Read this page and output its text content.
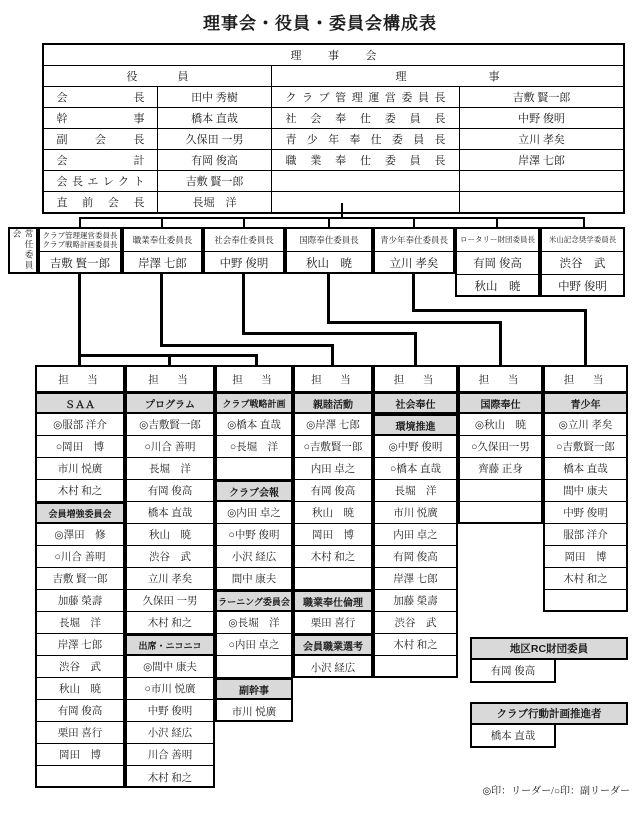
理事会・役員・委員会構成表
理事会			
役員		理事	
会長	田中 秀樹	クラブ管理運営委員長	吉敷 賢一郎
幹事	橋本 直哉	社会奉仕委員長	中野 俊明
副会長	久保田 一男	青少年奉仕委員長	立川 孝矣
会計	有岡 俊高	職業奉仕委員長	岸澤 七郎
会長エレクト	吉敷 賢一郎		
直前会長	長堀　洋		
常任委員会	クラブ管理運営委員長
クラブ戦略計画委員長
吉敷 賢一郎
職業奉仕委員長
岸澤 七郎
社会奉仕委員長
中野 俊明
国際奉仕委員長
秋山　暁
青少年奉仕委員長
立川 孝矣
ロータリー財団委員長
有岡 俊高
秋山　暁
米山記念奨学委員長
渋谷　武
中野 俊明
担　当
ＳＡＡ
◎服部 洋介
○岡田　博
市川 悦廣
木村 和之
会員増強委員会
◎澤田　修
○川合 善明
吉敷 賢一郎
加藤 榮壽
長堀　洋
岸澤 七郎
渋谷　武
秋山　暁
有岡 俊高
栗田 喜行
岡田　博
担　当
プログラム
◎吉敷賢一郎
○川合 善明
長堀　洋
有岡 俊高
橋本 直哉
秋山　暁
渋谷　武
立川 孝矣
久保田 一男
木村 和之
出席・ニコニコ
◎間中 康夫
○市川 悦廣
中野 俊明
小沢 経広
川合 善明
木村 和之
担　当
クラブ戦略計画
◎橋本 直哉
○長堀　洋
クラブ会報
◎内田 卓之
○中野 俊明
小沢 経広
間中 康夫
ラーニング委員会
◎長堀　洋
○内田 卓之
副幹事
市川 悦廣
担　当
親睦活動
◎岸澤 七郎
○吉敷賢一郎
内田 卓之
有岡 俊高
秋山　暁
岡田　博
木村 和之
職業奉仕倫理
栗田 喜行
会員職業選考
小沢 経広
担　当
社会奉仕
環境推進
◎中野 俊明
○橋本 直哉
長堀　洋
市川 悦廣
内田 卓之
有岡 俊高
岸澤 七郎
加藤 榮壽
渋谷　武
木村 和之
担　当
国際奉仕
◎秋山　暁
○久保田一男
齊藤 正身
担　当
青少年
◎立川 孝矣
○吉敷賢一郎
橋本 直哉
間中 康夫
中野 俊明
服部 洋介
岡田　博
木村 和之
地区RC財団委員
有岡 俊高
クラブ行動計画推進者
橋本 直哉
◎印：リーダー/○印：副リーダー
